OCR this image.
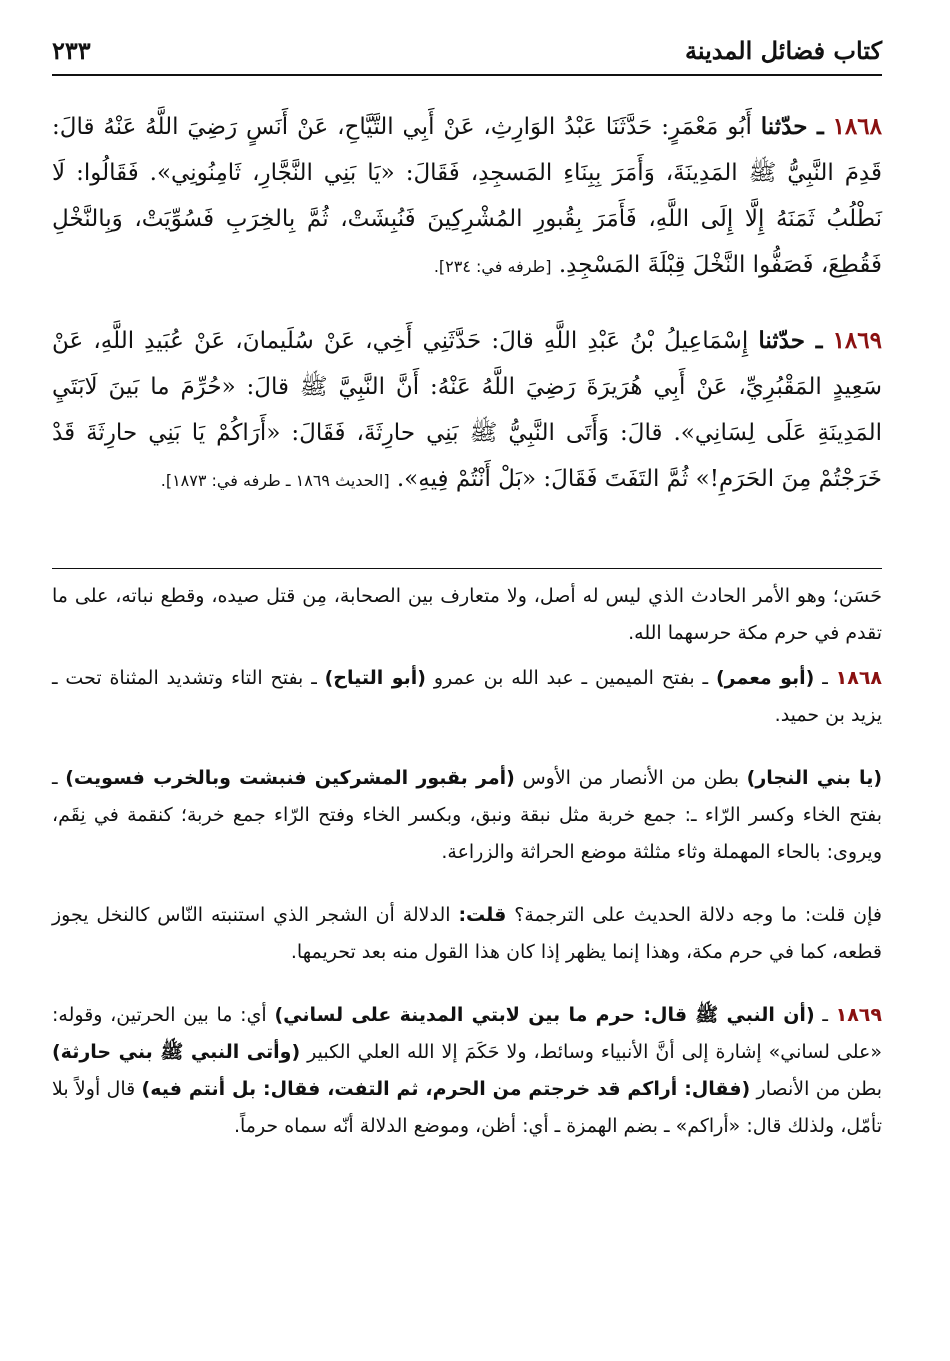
كتاب فضائل المدينة
٢٣٣
١٨٦٨ ـ حدّثنا أَبُو مَعْمَرٍ: حَدَّثَنَا عَبْدُ الوَارِثِ، عَنْ أَبِي التَّيَّاحِ، عَنْ أَنَسٍ رَضِيَ اللَّهُ عَنْهُ قالَ: قَدِمَ النَّبِيُّ ﷺ المَدِينَةَ، وَأَمَرَ بِبِنَاءِ المَسجِدِ، فَقَالَ: «يَا بَنِي النَّجَّارِ، ثَامِنُونِي». فَقَالُوا: لَا نَطْلُبُ ثَمَنَهُ إِلَّا إِلَى اللَّهِ، فَأَمَرَ بِقُبورِ المُشْرِكِينَ فَنُبِشَتْ، ثُمَّ بِالخِرَبِ فَسُوِّيَتْ، وَبِالنَّخْلِ فَقُطِعَ، فَصَفُّوا النَّخْلَ قِبْلَةَ المَسْجِدِ. [طرفه في: ٢٣٤].
١٨٦٩ ـ حدّثنا إِسْمَاعِيلُ بْنُ عَبْدِ اللَّهِ قالَ: حَدَّثَنِي أَخِي، عَنْ سُلَيمانَ، عَنْ عُبَيدِ اللَّهِ، عَنْ سَعِيدٍ المَقْبُرِيِّ، عَنْ أَبِي هُرَيرَةَ رَضِيَ اللَّهُ عَنْهُ: أَنَّ النَّبِيَّ ﷺ قالَ: «حُرِّمَ ما بَينَ لَابَتَيِ المَدِينَةِ عَلَى لِسَانِي». قالَ: وَأَتَى النَّبِيُّ ﷺ بَنِي حارِثَةَ، فَقَالَ: «أَرَاكُمْ يَا بَنِي حارِثَةَ قَدْ خَرَجْتُمْ مِنَ الحَرَمِ!» ثُمَّ التَفَتَ فَقَالَ: «بَلْ أَنْتُمْ فِيهِ». [الحديث ١٨٦٩ ـ طرفه في: ١٨٧٣].

حَسَن؛ وهو الأمر الحادث الذي ليس له أصل، ولا متعارف بين الصحابة، مِن قتل صيده، وقطع نباته، على ما تقدم في حرم مكة حرسهما الله.

١٨٦٨ ـ (أبو معمر) ـ بفتح الميمين ـ عبد الله بن عمرو (أبو التياح) ـ بفتح التاء وتشديد المثناة تحت ـ يزيد بن حميد.

(يا بني النجار) بطن من الأنصار من الأوس (أمر بقبور المشركين فنبشت وبالخرب فسويت) ـ بفتح الخاء وكسر الرّاء ـ: جمع خربة مثل نبقة ونبق، وبكسر الخاء وفتح الرّاء جمع خربة؛ كنقمة في نِقَم، ويروى: بالحاء المهملة وثاء مثلثة موضع الحراثة والزراعة.

فإن قلت: ما وجه دلالة الحديث على الترجمة؟ قلت: الدلالة أن الشجر الذي استنبته النّاس كالنخل يجوز قطعه، كما في حرم مكة، وهذا إنما يظهر إذا كان هذا القول منه بعد تحريمها.

١٨٦٩ ـ (أن النبي ﷺ قال: حرم ما بين لابتي المدينة على لساني) أي: ما بين الحرتين، وقوله: «على لساني» إشارة إلى أنَّ الأنبياء وسائط، ولا حَكَمَ إلا الله العلي الكبير (وأتى النبي ﷺ بني حارثة) بطن من الأنصار (فقال: أراكم قد خرجتم من الحرم، ثم التفت، فقال: بل أنتم فيه) قال أولاً بلا تأمّل، ولذلك قال: «أراكم» ـ بضم الهمزة ـ أي: أظن، وموضع الدلالة أنّه سماه حرماً.
